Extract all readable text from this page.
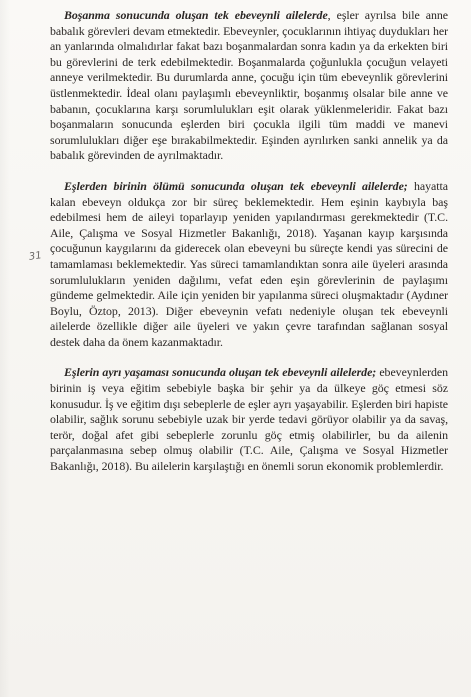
Boşanma sonucunda oluşan tek ebeveynli ailelerde, eşler ayrılsa bile anne babalık görevleri devam etmektedir. Ebeveynler, çocuklarının ihtiyaç duydukları her an yanlarında olmalıdırlar fakat bazı boşanmalardan sonra kadın ya da erkekten biri bu görevlerini de terk edebilmektedir. Boşanmalarda çoğunlukla çocuğun velayeti anneye verilmektedir. Bu durumlarda anne, çocuğu için tüm ebeveynlik görevlerini üstlenmektedir. İdeal olanı paylaşımlı ebeveynliktir, boşanmış olsalar bile anne ve babanın, çocuklarına karşı sorumlulukları eşit olarak yüklenmeleridir. Fakat bazı boşanmaların sonucunda eşlerden biri çocukla ilgili tüm maddi ve manevi sorumlulukları diğer eşe bırakabilmektedir. Eşinden ayrılırken sanki annelik ya da babalık görevinden de ayrılmaktadır.

Eşlerden birinin ölümü sonucunda oluşan tek ebeveynli ailelerde; hayatta kalan ebeveyn oldukça zor bir süreç beklemektedir. Hem eşinin kaybıyla baş edebilmesi hem de aileyi toparlayıp yeniden yapılandırması gerekmektedir (T.C. Aile, Çalışma ve Sosyal Hizmetler Bakanlığı, 2018). Yaşanan kayıp karşısında çocuğunun kaygılarını da giderecek olan ebeveyni bu süreçte kendi yas sürecini de tamamlaması beklemektedir. Yas süreci tamamlandıktan sonra aile üyeleri arasında sorumlulukların yeniden dağılımı, vefat eden eşin görevlerinin de paylaşımı gündeme gelmektedir. Aile için yeniden bir yapılanma süreci oluşmaktadır (Aydıner Boylu, Öztop, 2013). Diğer ebeveynin vefatı nedeniyle oluşan tek ebeveynli ailelerde özellikle diğer aile üyeleri ve yakın çevre tarafından sağlanan sosyal destek daha da önem kazanmaktadır.

Eşlerin ayrı yaşaması sonucunda oluşan tek ebeveynli ailelerde; ebeveynlerden birinin iş veya eğitim sebebiyle başka bir şehir ya da ülkeye göç etmesi söz konusudur. İş ve eğitim dışı sebeplerle de eşler ayrı yaşayabilir. Eşlerden biri hapiste olabilir, sağlık sorunu sebebiyle uzak bir yerde tedavi görüyor olabilir ya da savaş, terör, doğal afet gibi sebeplerle zorunlu göç etmiş olabilirler, bu da ailenin parçalanmasına sebep olmuş olabilir (T.C. Aile, Çalışma ve Sosyal Hizmetler Bakanlığı, 2018). Bu ailelerin karşılaştığı en önemli sorun ekonomik problemlerdir.

31
